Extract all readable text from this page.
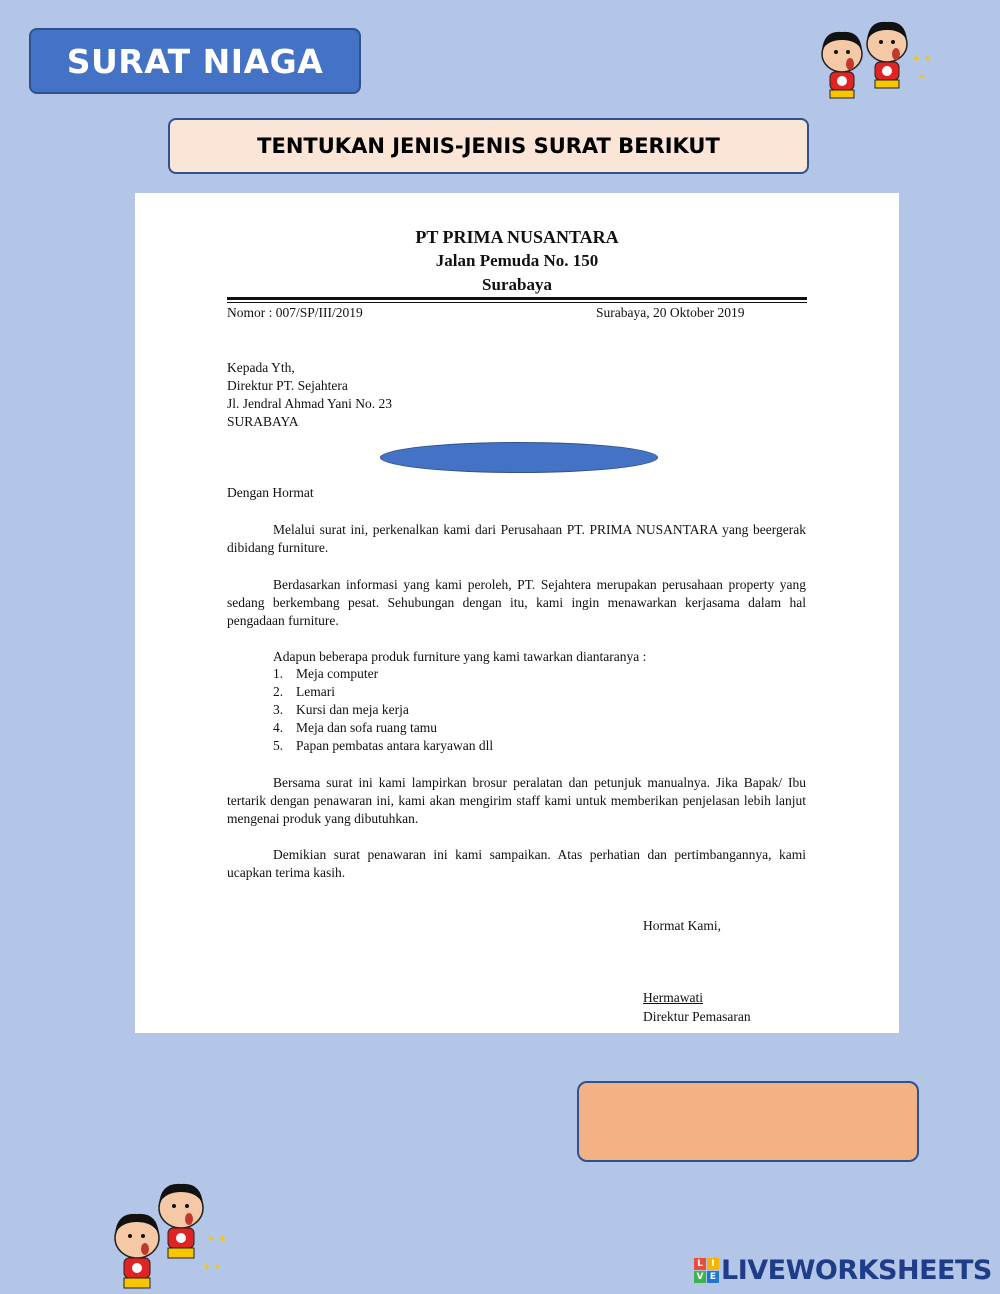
SURAT NIAGA	✦ ✦
✦
TENTUKAN JENIS-JENIS SURAT BERIKUT
PT PRIMA NUSANTARA
Jalan Pemuda No. 150
Surabaya
Nomor : 007/SP/III/2019	Surabaya, 20 Oktober 2019
Kepada Yth,
Direktur PT. Sejahtera
Jl. Jendral Ahmad Yani No. 23
SURABAYA
Dengan Hormat
Melalui surat ini, perkenalkan kami dari Perusahaan PT. PRIMA NUSANTARA yang beergerak dibidang furniture.
Berdasarkan informasi yang kami peroleh, PT. Sejahtera merupakan perusahaan property yang sedang berkembang pesat. Sehubungan dengan itu, kami ingin menawarkan kerjasama dalam hal pengadaan furniture.
Adapun beberapa produk furniture yang kami tawarkan diantaranya :
1. Meja computer
2. Lemari
3. Kursi dan meja kerja
4. Meja dan sofa ruang tamu
5. Papan pembatas antara karyawan dll
Bersama surat ini kami lampirkan brosur peralatan dan petunjuk manualnya. Jika Bapak/ Ibu tertarik dengan penawaran ini, kami akan mengirim staff kami untuk memberikan penjelasan lebih lanjut mengenai produk yang dibutuhkan.
Demikian surat penawaran ini kami sampaikan. Atas perhatian dan pertimbangannya, kami ucapkan terima kasih.
Hormat Kami,
Hermawati
Direktur Pemasaran
✦ ✦
✦ ✦	L I
V E LIVEWORKSHEETS
